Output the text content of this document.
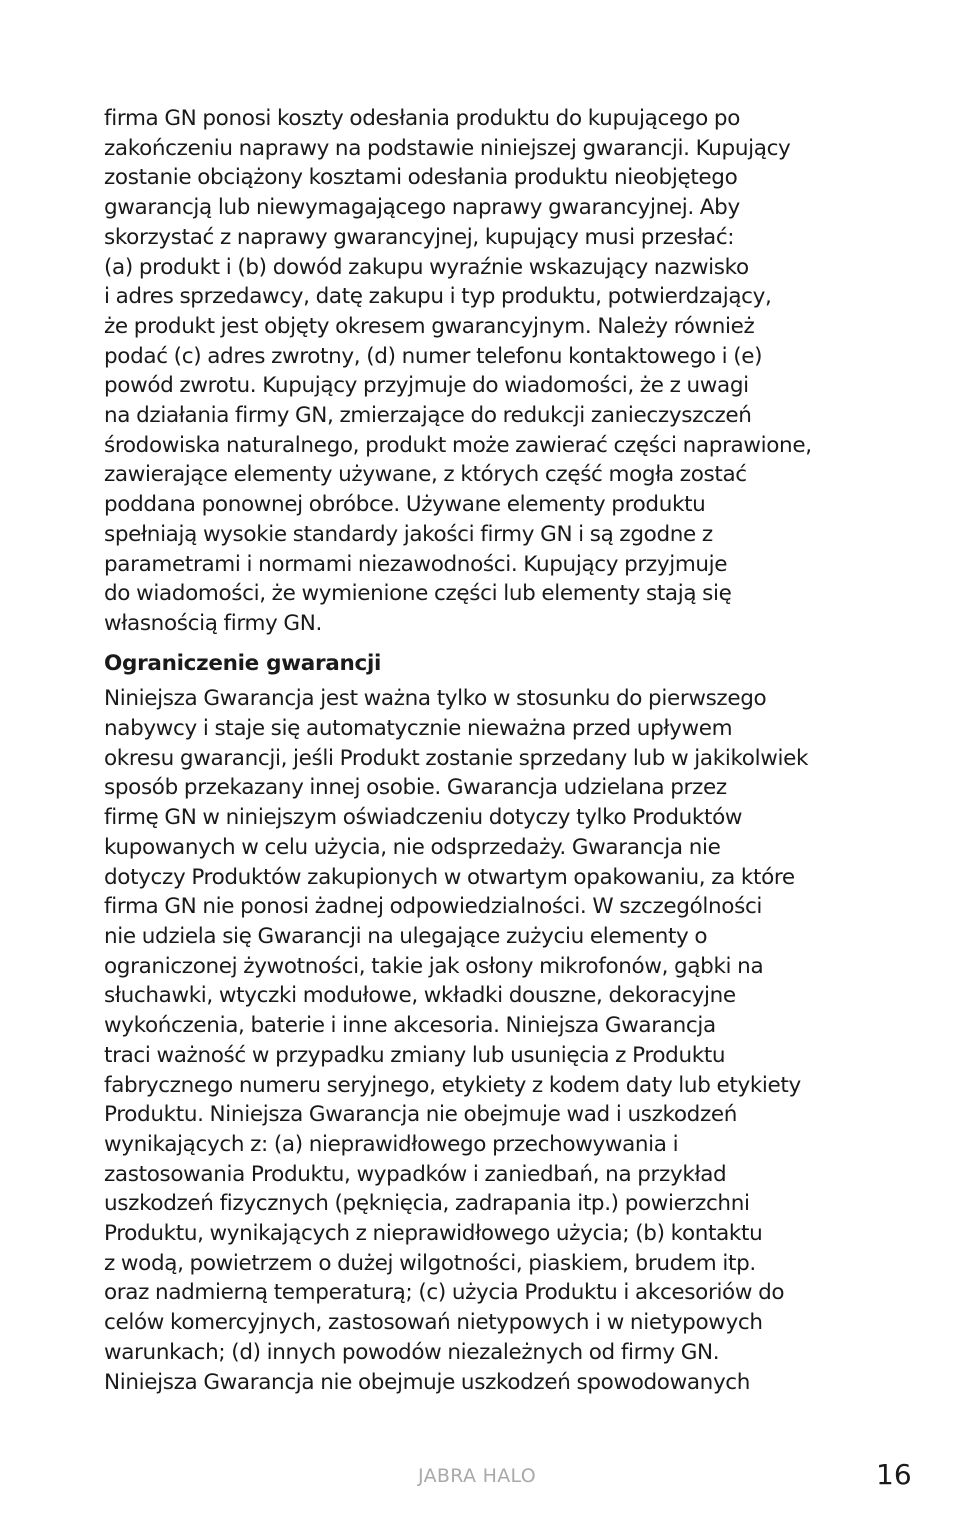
firma GN ponosi koszty odesłania produktu do kupującego po
zakończeniu naprawy na podstawie niniejszej gwarancji. Kupujący
zostanie obciążony kosztami odesłania produktu nieobjętego
gwarancją lub niewymagającego naprawy gwarancyjnej. Aby
skorzystać z naprawy gwarancyjnej, kupujący musi przesłać:
(a) produkt i (b) dowód zakupu wyraźnie wskazujący nazwisko
i adres sprzedawcy, datę zakupu i typ produktu, potwierdzający,
że produkt jest objęty okresem gwarancyjnym. Należy również
podać (c) adres zwrotny, (d) numer telefonu kontaktowego i (e)
powód zwrotu. Kupujący przyjmuje do wiadomości, że z uwagi
na działania firmy GN, zmierzające do redukcji zanieczyszczeń
środowiska naturalnego, produkt może zawierać części naprawione,
zawierające elementy używane, z których część mogła zostać
poddana ponownej obróbce. Używane elementy produktu
spełniają wysokie standardy jakości firmy GN i są zgodne z
parametrami i normami niezawodności. Kupujący przyjmuje
do wiadomości, że wymienione części lub elementy stają się
własnością firmy GN.

Ograniczenie gwarancji

Niniejsza Gwarancja jest ważna tylko w stosunku do pierwszego
nabywcy i staje się automatycznie nieważna przed upływem
okresu gwarancji, jeśli Produkt zostanie sprzedany lub w jakikolwiek
sposób przekazany innej osobie. Gwarancja udzielana przez
firmę GN w niniejszym oświadczeniu dotyczy tylko Produktów
kupowanych w celu użycia, nie odsprzedaży. Gwarancja nie
dotyczy Produktów zakupionych w otwartym opakowaniu, za które
firma GN nie ponosi żadnej odpowiedzialności. W szczególności
nie udziela się Gwarancji na ulegające zużyciu elementy o
ograniczonej żywotności, takie jak osłony mikrofonów, gąbki na
słuchawki, wtyczki modułowe, wkładki douszne, dekoracyjne
wykończenia, baterie i inne akcesoria. Niniejsza Gwarancja
traci ważność w przypadku zmiany lub usunięcia z Produktu
fabrycznego numeru seryjnego, etykiety z kodem daty lub etykiety
Produktu. Niniejsza Gwarancja nie obejmuje wad i uszkodzeń
wynikających z: (a) nieprawidłowego przechowywania i
zastosowania Produktu, wypadków i zaniedbań, na przykład
uszkodzeń fizycznych (pęknięcia, zadrapania itp.) powierzchni
Produktu, wynikających z nieprawidłowego użycia; (b) kontaktu
z wodą, powietrzem o dużej wilgotności, piaskiem, brudem itp.
oraz nadmierną temperaturą; (c) użycia Produktu i akcesoriów do
celów komercyjnych, zastosowań nietypowych i w nietypowych
warunkach; (d) innych powodów niezależnych od firmy GN.
Niniejsza Gwarancja nie obejmuje uszkodzeń spowodowanych

JABRA HALO	16
